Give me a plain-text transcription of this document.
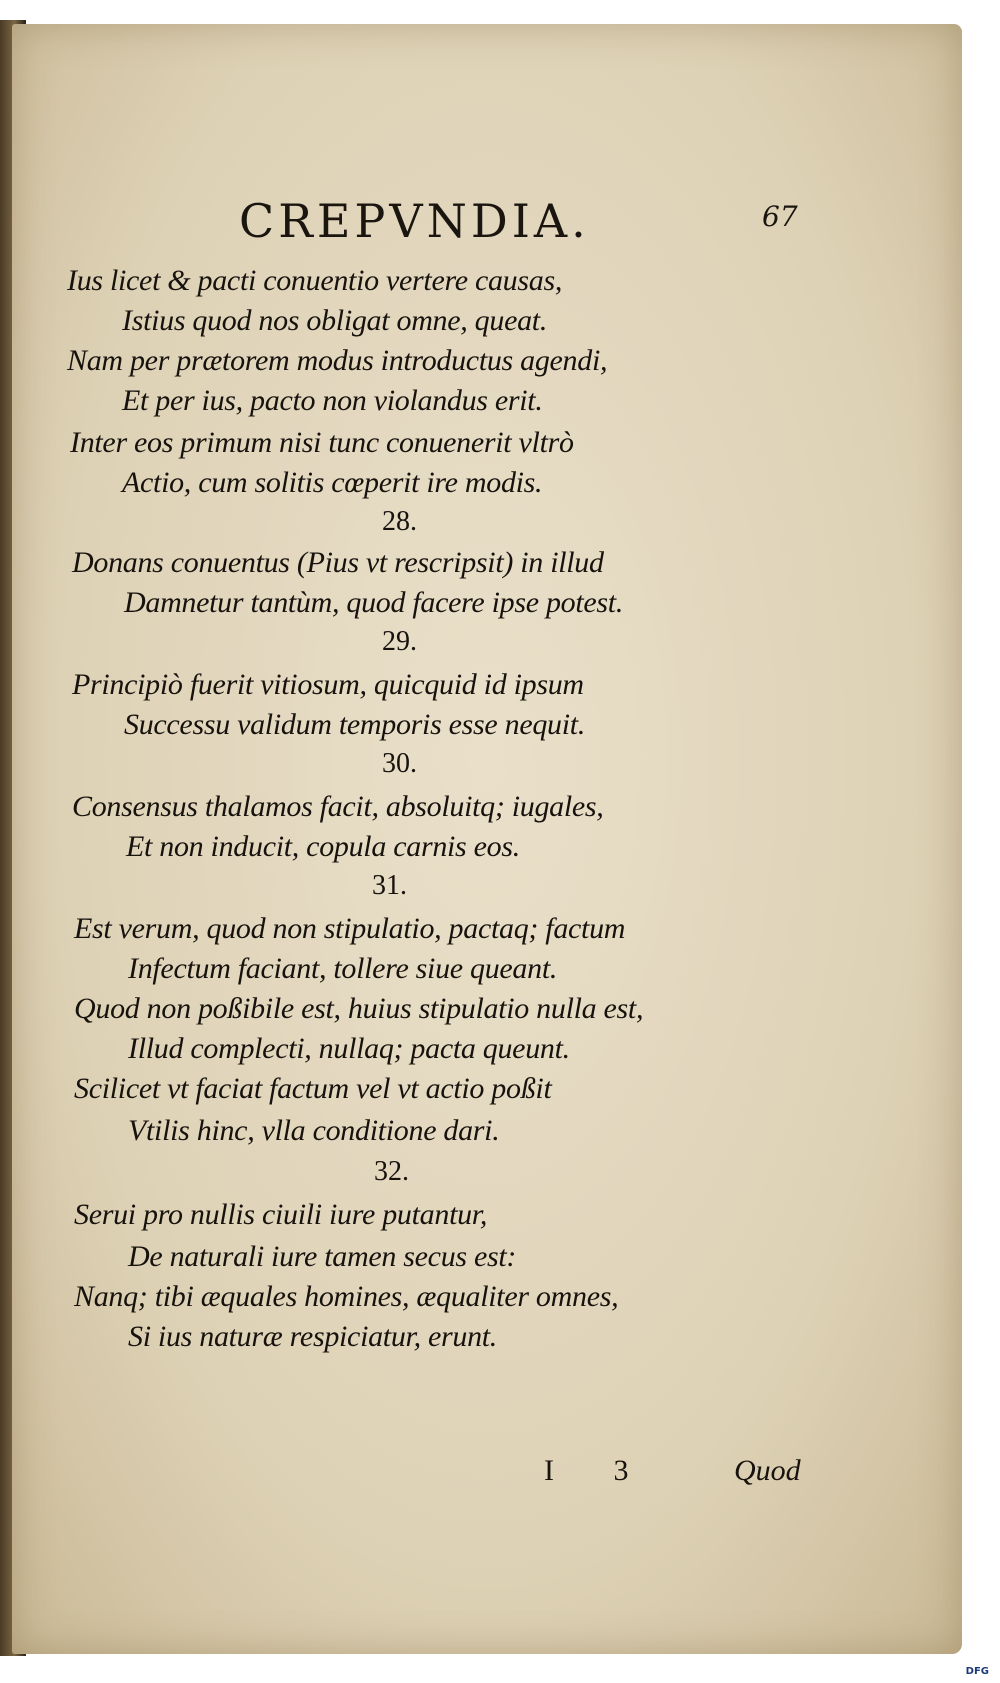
CREPVNDIA.	67
Ius licet & pacti conuentio vertere causas,
Istius quod nos obligat omne, queat.
Nam per prætorem modus introductus agendi,
Et per ius, pacto non violandus erit.
Inter eos primum nisi tunc conuenerit vltrò
Actio, cum solitis cœperit ire modis.
28.
Donans conuentus (Pius vt rescripsit) in illud
Damnetur tantùm, quod facere ipse potest.
29.
Principiò fuerit vitiosum, quicquid id ipsum
Successu validum temporis esse nequit.
30.
Consensus thalamos facit, absoluitq; iugales,
Et non inducit, copula carnis eos.
31.
Est verum, quod non stipulatio, pactaq; factum
Infectum faciant, tollere siue queant.
Quod non poßibile est, huius stipulatio nulla est,
Illud complecti, nullaq; pacta queunt.
Scilicet vt faciat factum vel vt actio poßit
Vtilis hinc, vlla conditione dari.
32.
Serui pro nullis ciuili iure putantur,
De naturali iure tamen secus est:
Nanq; tibi æquales homines, æqualiter omnes,
Si ius naturæ respiciatur, erunt.
I 3	Quod
Digitalisierung gefördert durch die Deutsche Forschungsgemeinschaft - DFG
